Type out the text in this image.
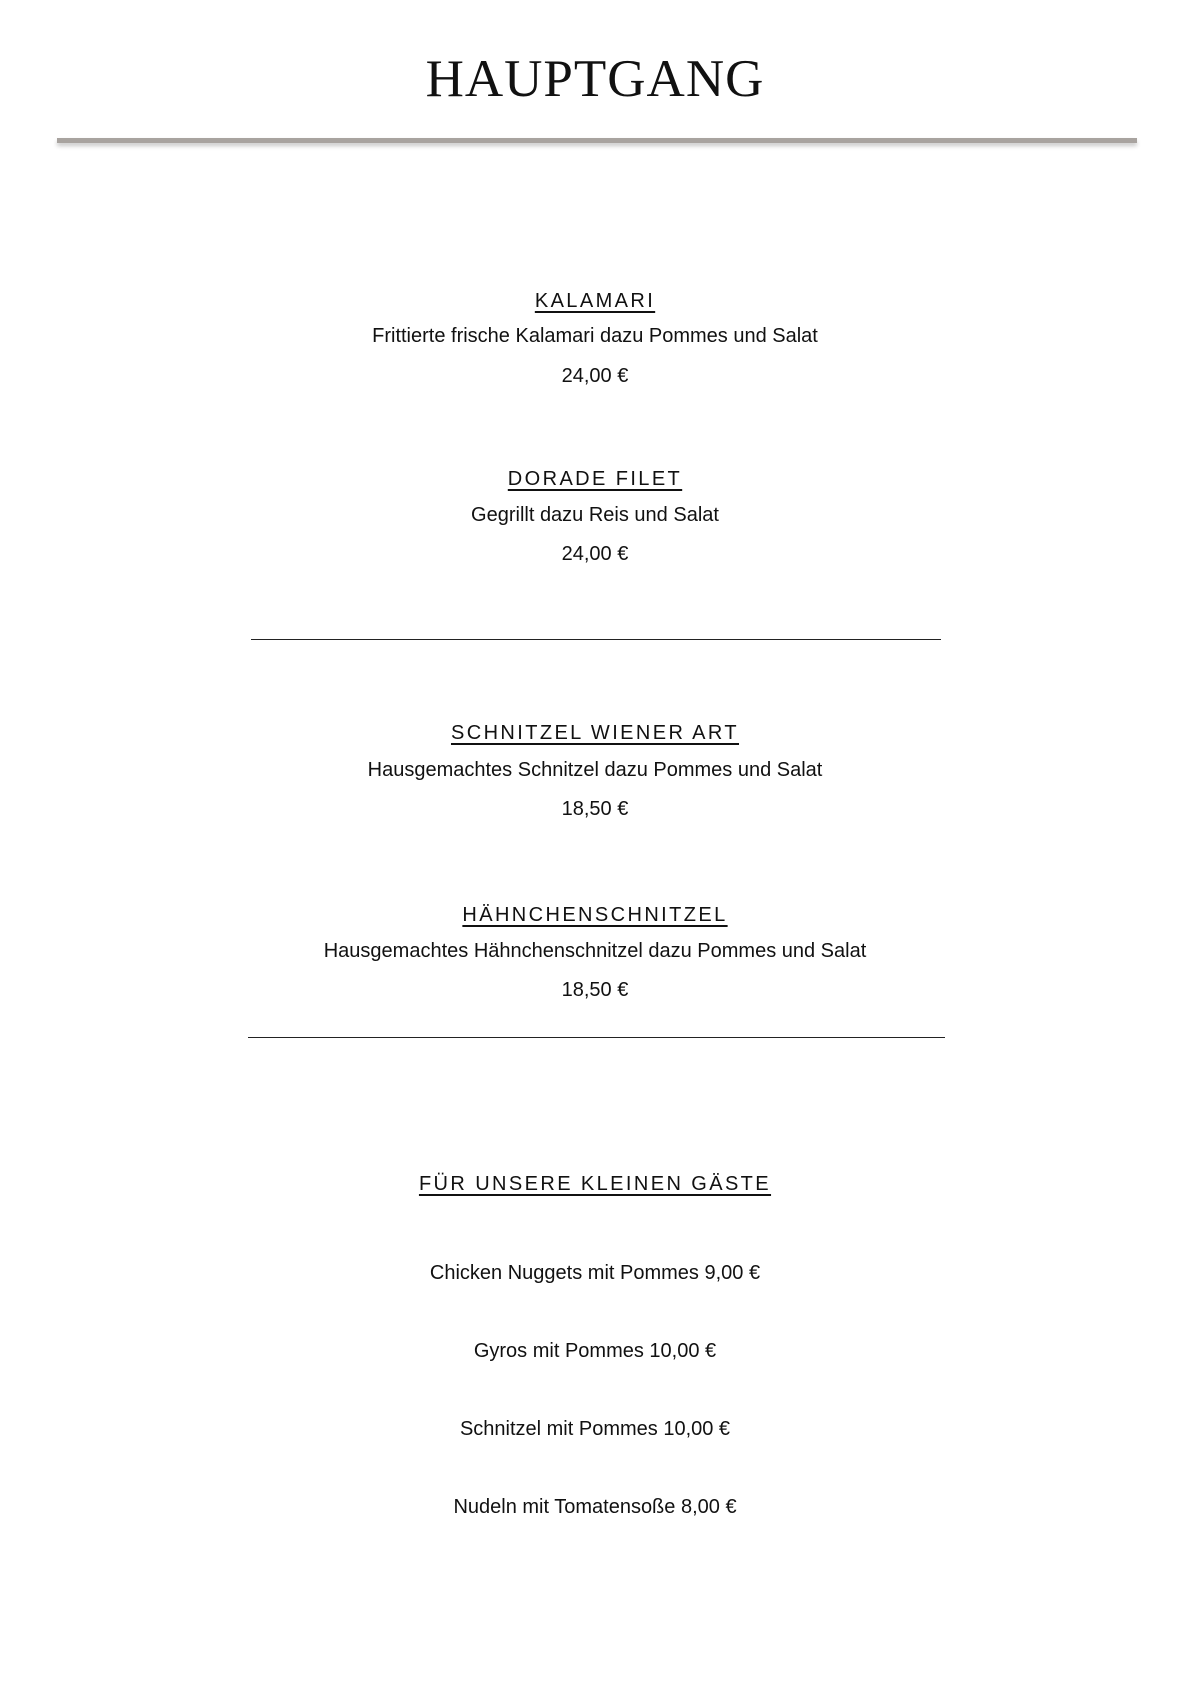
HAUPTGANG
KALAMARI
Frittierte frische Kalamari dazu Pommes und Salat
24,00 €
DORADE FILET
Gegrillt dazu Reis und Salat
24,00 €
SCHNITZEL WIENER ART
Hausgemachtes Schnitzel dazu Pommes und Salat
18,50 €
HÄHNCHENSCHNITZEL
Hausgemachtes Hähnchenschnitzel dazu Pommes und Salat
18,50 €
FÜR UNSERE KLEINEN GÄSTE
Chicken Nuggets mit Pommes 9,00 €
Gyros mit Pommes 10,00 €
Schnitzel mit Pommes 10,00 €
Nudeln mit Tomatensoße 8,00 €
